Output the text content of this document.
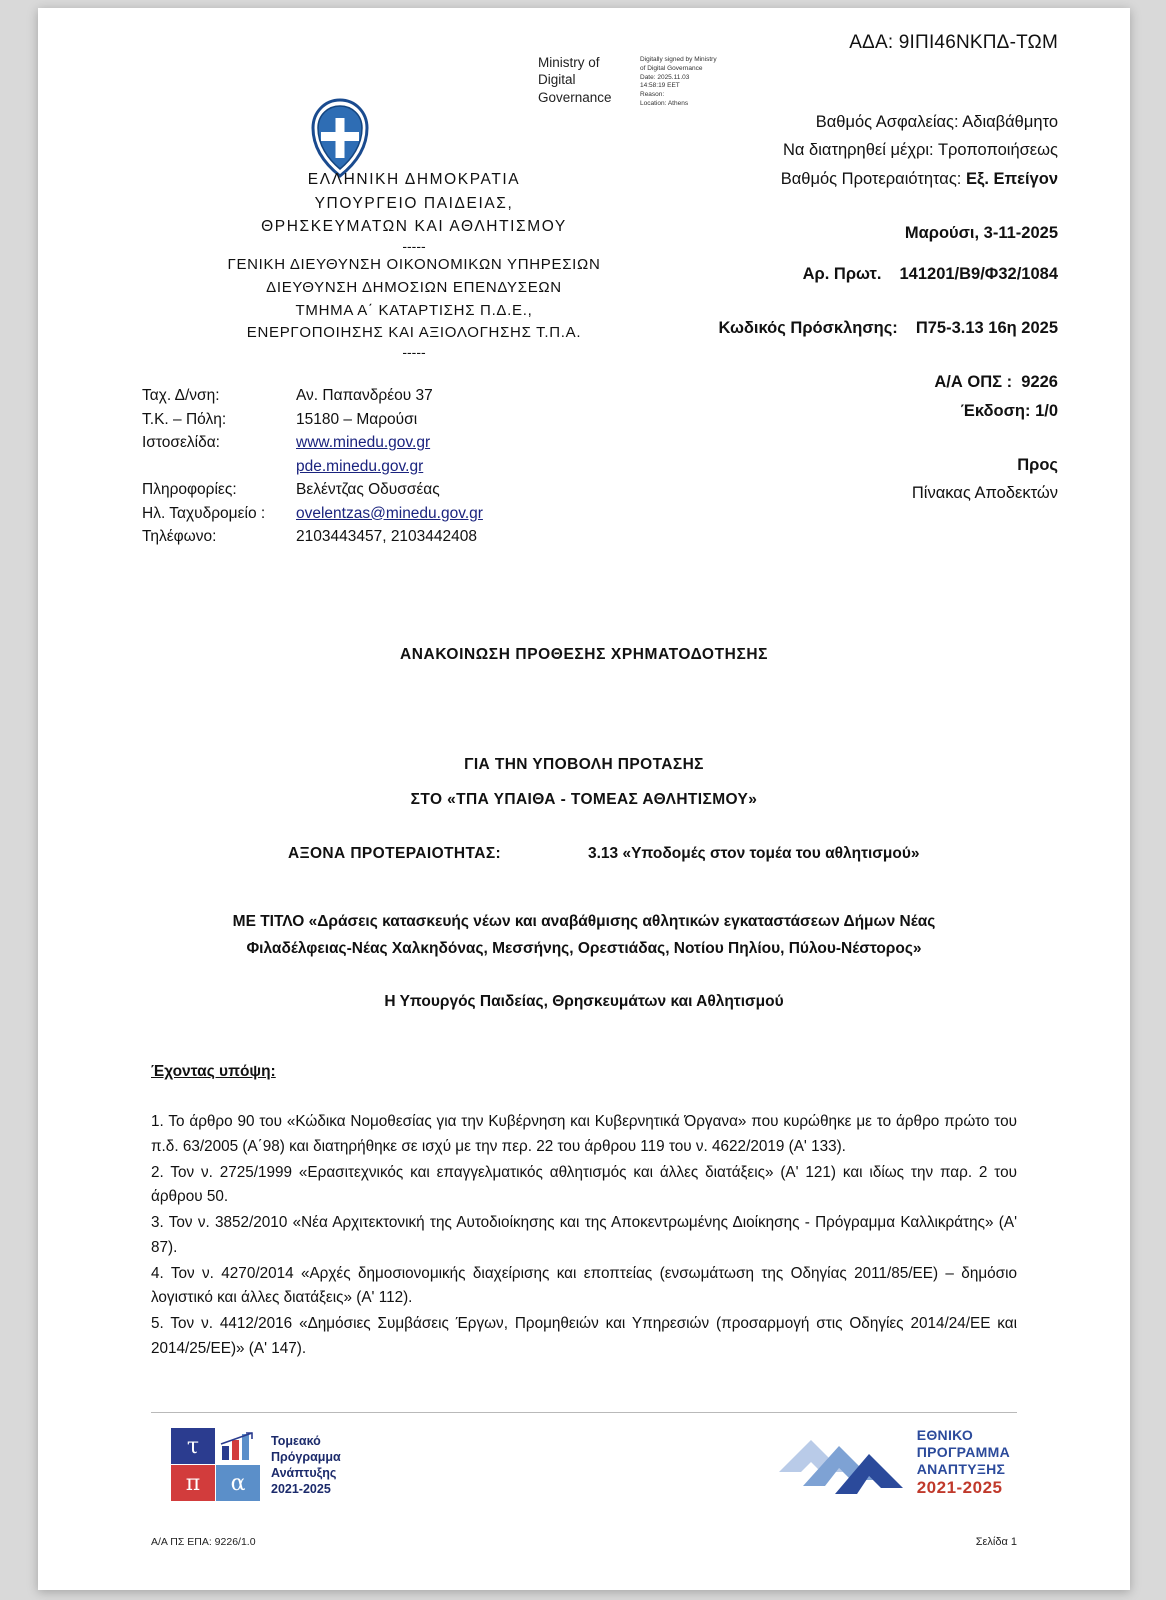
ΑΔΑ: 9ΙΠΙ46ΝΚΠΔ-ΤΩΜ
Ministry of
Digital
Governance
Digitally signed by Ministry
of Digital Governance
Date: 2025.11.03
14:58:19 EET
Reason:
Location: Athens
ΕΛΛΗΝΙΚΗ ΔΗΜΟΚΡΑΤΙΑ
ΥΠΟΥΡΓΕΙΟ ΠΑΙΔΕΙΑΣ,
ΘΡΗΣΚΕΥΜΑΤΩΝ ΚΑΙ ΑΘΛΗΤΙΣΜΟΥ
-----
ΓΕΝΙΚΗ ΔΙΕΥΘΥΝΣΗ ΟΙΚΟΝΟΜΙΚΩΝ ΥΠΗΡΕΣΙΩΝ
ΔΙΕΥΘΥΝΣΗ ΔΗΜΟΣΙΩΝ ΕΠΕΝΔΥΣΕΩΝ
ΤΜΗΜΑ Α΄ ΚΑΤΑΡΤΙΣΗΣ Π.Δ.Ε.,
ΕΝΕΡΓΟΠΟΙΗΣΗΣ ΚΑΙ ΑΞΙΟΛΟΓΗΣΗΣ Τ.Π.Α.
-----
Ταχ. Δ/νση:	Αν. Παπανδρέου 37
Τ.Κ. – Πόλη:	15180 – Μαρούσι
Ιστοσελίδα:	www.minedu.gov.gr
pde.minedu.gov.gr
Πληροφορίες:	Βελέντζας Οδυσσέας
Ηλ. Ταχυδρομείο :	ovelentzas@minedu.gov.gr
Τηλέφωνο:	2103443457, 2103442408
Βαθμός Ασφαλείας: Αδιαβάθμητο
Να διατηρηθεί μέχρι: Τροποποιήσεως
Βαθμός Προτεραιότητας: Εξ. Επείγον
Μαρούσι, 3-11-2025
Αρ. Πρωτ. 141201/Β9/Φ32/1084
Κωδικός Πρόσκλησης: Π75-3.13 16η 2025
Α/Α ΟΠΣ : 9226
Έκδοση: 1/0
Προς
Πίνακας Αποδεκτών
ΑΝΑΚΟΙΝΩΣΗ ΠΡΟΘΕΣΗΣ ΧΡΗΜΑΤΟΔΟΤΗΣΗΣ
ΓΙΑ ΤΗΝ ΥΠΟΒΟΛΗ ΠΡΟΤΑΣΗΣ
ΣΤΟ «ΤΠΑ ΥΠΑΙΘΑ - ΤΟΜΕΑΣ ΑΘΛΗΤΙΣΜΟΥ»
ΑΞΟΝΑ ΠΡΟΤΕΡΑΙΟΤΗΤΑΣ:	3.13 «Υποδομές στον τομέα του αθλητισμού»
ΜΕ ΤΙΤΛΟ «Δράσεις κατασκευής νέων και αναβάθμισης αθλητικών εγκαταστάσεων Δήμων Νέας
Φιλαδέλφειας-Νέας Χαλκηδόνας, Μεσσήνης, Ορεστιάδας, Νοτίου Πηλίου, Πύλου-Νέστορος»
Η Υπουργός Παιδείας, Θρησκευμάτων και Αθλητισμού
Έχοντας υπόψη:

1. Το άρθρο 90 του «Κώδικα Νομοθεσίας για την Κυβέρνηση και Κυβερνητικά Όργανα» που κυρώθηκε με το άρθρο πρώτο του π.δ. 63/2005 (Α΄98) και διατηρήθηκε σε ισχύ με την περ. 22 του άρθρου 119 του ν. 4622/2019 (Α' 133).

2. Τον ν. 2725/1999 «Ερασιτεχνικός και επαγγελματικός αθλητισμός και άλλες διατάξεις» (Α' 121) και ιδίως την παρ. 2 του άρθρου 50.

3. Τον ν. 3852/2010 «Νέα Αρχιτεκτονική της Αυτοδιοίκησης και της Αποκεντρωμένης Διοίκησης - Πρόγραμμα Καλλικράτης» (Α' 87).

4. Τον ν. 4270/2014 «Αρχές δημοσιονομικής διαχείρισης και εποπτείας (ενσωμάτωση της Οδηγίας 2011/85/ΕΕ) – δημόσιο λογιστικό και άλλες διατάξεις» (Α' 112).

5. Τον ν. 4412/2016 «Δημόσιες Συμβάσεις Έργων, Προμηθειών και Υπηρεσιών (προσαρμογή στις Οδηγίες 2014/24/ΕΕ και 2014/25/ΕΕ)» (Α' 147).

τ
π	α
Τομεακό
Πρόγραμμα
Ανάπτυξης
2021-2025
ΕΘΝΙΚΟ
ΠΡΟΓΡΑΜΜΑ
ΑΝΑΠΤΥΞΗΣ
2021-2025
Α/Α ΠΣ ΕΠΑ: 9226/1.0	Σελίδα 1
